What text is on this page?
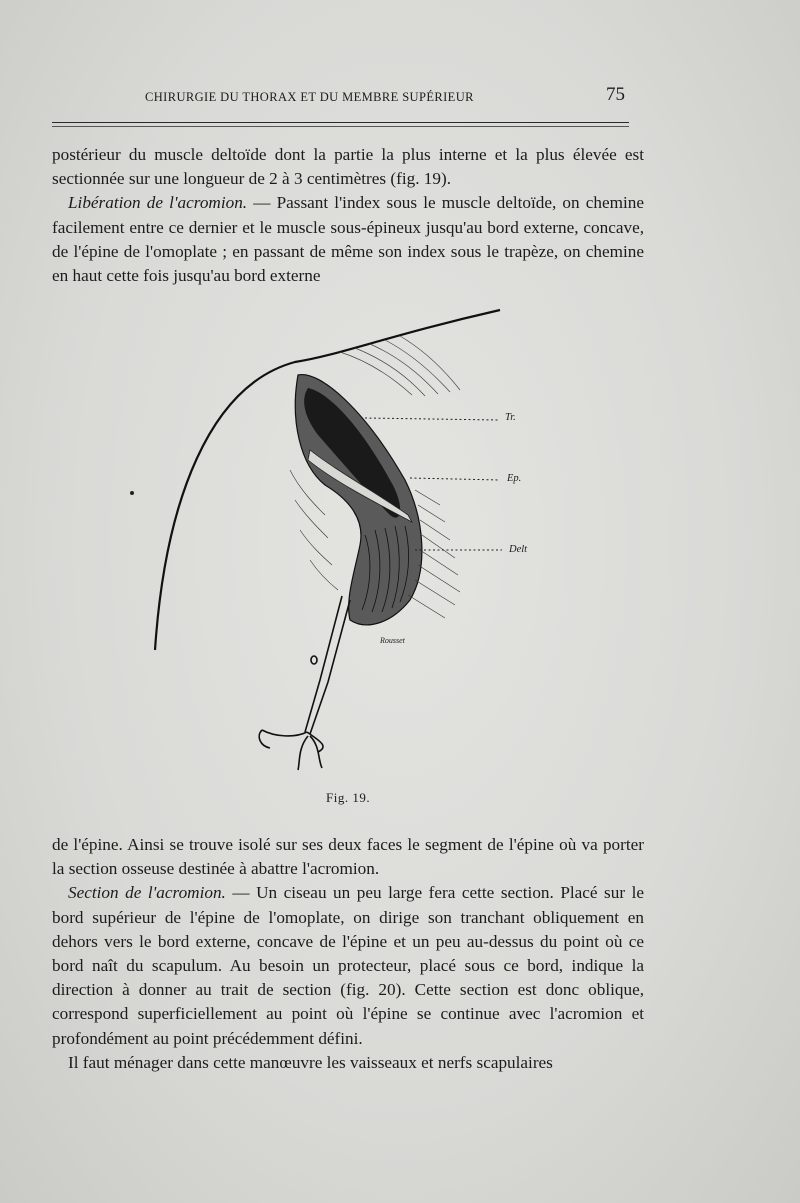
CHIRURGIE DU THORAX ET DU MEMBRE SUPÉRIEUR	75

postérieur du muscle deltoïde dont la partie la plus interne et la plus élevée est sectionnée sur une longueur de 2 à 3 centimètres (fig. 19).

Libération de l'acromion. — Passant l'index sous le muscle deltoïde, on chemine facilement entre ce dernier et le muscle sous-épineux jusqu'au bord externe, concave, de l'épine de l'omoplate ; en passant de même son index sous le trapèze, on chemine en haut cette fois jusqu'au bord externe

Tr.
Ep.
Delt
Rousset
Fig. 19.

de l'épine. Ainsi se trouve isolé sur ses deux faces le segment de l'épine où va porter la section osseuse destinée à abattre l'acromion.

Section de l'acromion. — Un ciseau un peu large fera cette section. Placé sur le bord supérieur de l'épine de l'omoplate, on dirige son tranchant obliquement en dehors vers le bord externe, concave de l'épine et un peu au-dessus du point où ce bord naît du scapulum. Au besoin un protecteur, placé sous ce bord, indique la direction à donner au trait de section (fig. 20). Cette section est donc oblique, correspond superficiellement au point où l'épine se continue avec l'acromion et profondément au point précédemment défini.

Il faut ménager dans cette manœuvre les vaisseaux et nerfs scapulaires
